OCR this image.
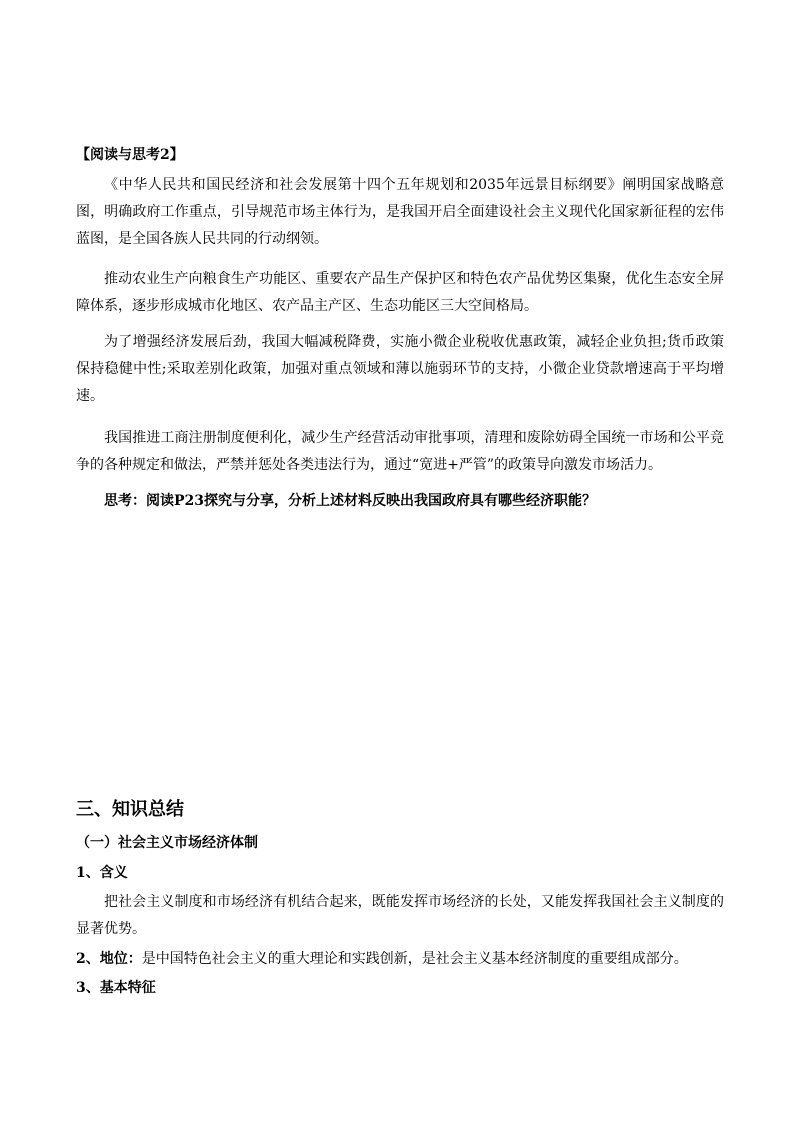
【阅读与思考2】

《中华人民共和国民经济和社会发展第十四个五年规划和2035年远景目标纲要》阐明国家战略意图，明确政府工作重点，引导规范市场主体行为，是我国开启全面建设社会主义现代化国家新征程的宏伟蓝图，是全国各族人民共同的行动纲领。

推动农业生产向粮食生产功能区、重要农产品生产保护区和特色农产品优势区集聚，优化生态安全屏障体系，逐步形成城市化地区、农产品主产区、生态功能区三大空间格局。

为了增强经济发展后劲，我国大幅减税降费，实施小微企业税收优惠政策，减轻企业负担;货币政策保持稳健中性;采取差别化政策，加强对重点领域和薄以施弱环节的支持，小微企业贷款增速高于平均增速。

我国推进工商注册制度便利化，减少生产经营活动审批事项，清理和废除妨碍全国统一市场和公平竞争的各种规定和做法，严禁并惩处各类违法行为，通过“宽进+严管”的政策导向激发市场活力。

思考：阅读P23探究与分享，分析上述材料反映出我国政府具有哪些经济职能？

三、知识总结

（一）社会主义市场经济体制

1、含义

把社会主义制度和市场经济有机结合起来，既能发挥市场经济的长处，又能发挥我国社会主义制度的显著优势。

2、地位：是中国特色社会主义的重大理论和实践创新，是社会主义基本经济制度的重要组成部分。

3、基本特征
